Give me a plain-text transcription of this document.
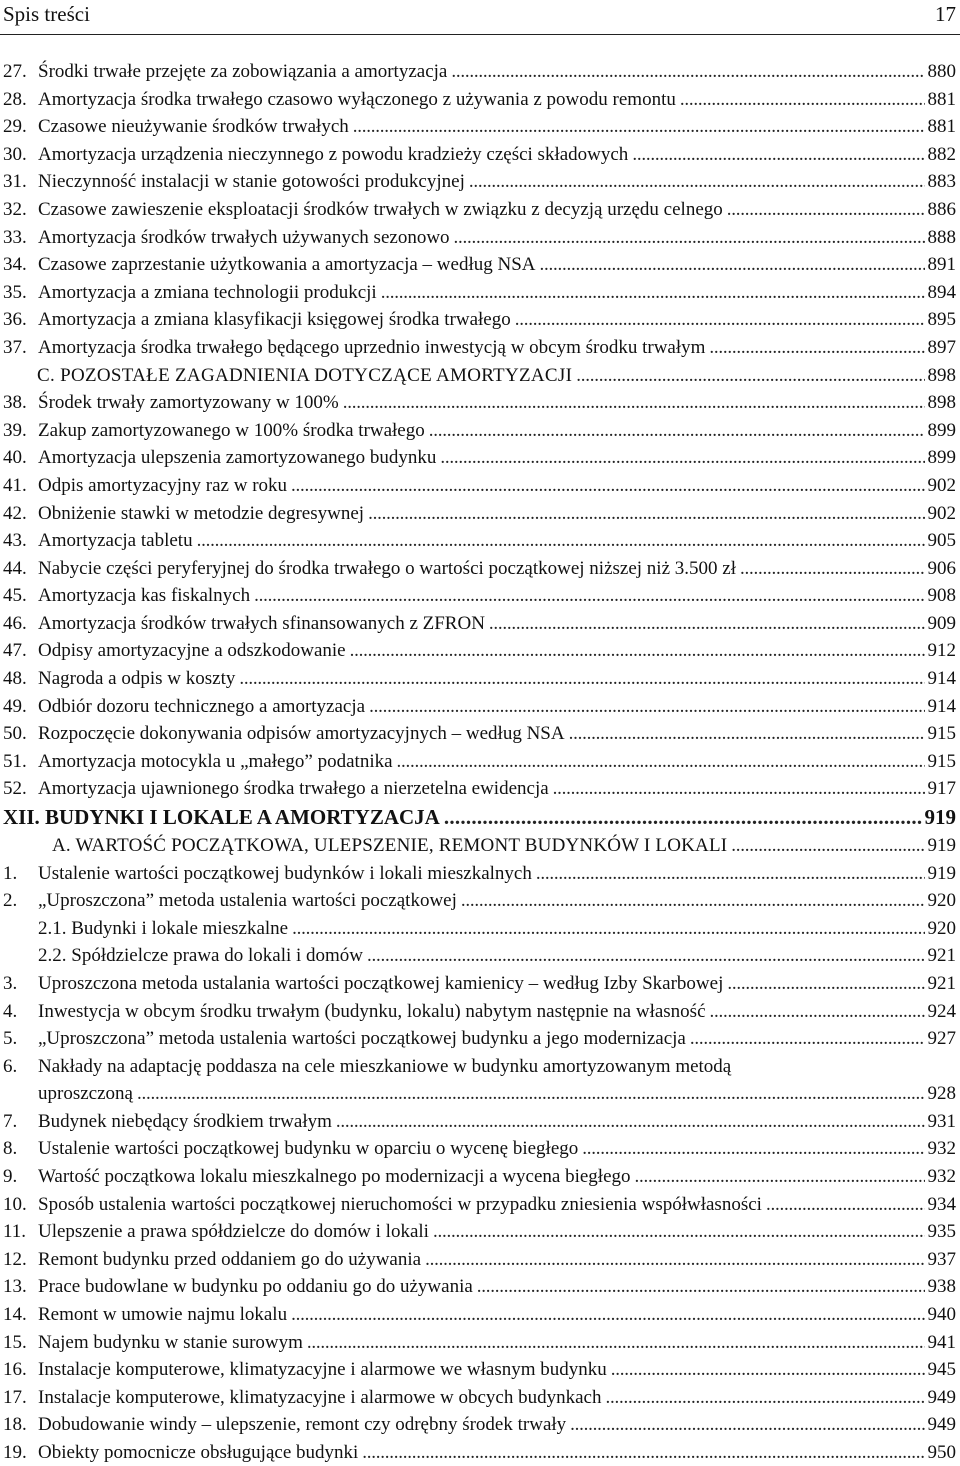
Spis treści	17
27. Środki trwałe przejęte za zobowiązania a amortyzacja . . .	880
28. Amortyzacja środka trwałego czasowo wyłączonego z używania z powodu remontu . . .	881
29. Czasowe nieużywanie środków trwałych . . .	881
30. Amortyzacja urządzenia nieczynnego z powodu kradzieży części składowych . . .	882
31. Nieczynność instalacji w stanie gotowości produkcyjnej . . .	883
32. Czasowe zawieszenie eksploatacji środków trwałych w związku z decyzją urzędu celnego . . .	886
33. Amortyzacja środków trwałych używanych sezonowo . . .	888
34. Czasowe zaprzestanie użytkowania a amortyzacja – według NSA . . .	891
35. Amortyzacja a zmiana technologii produkcji . . .	894
36. Amortyzacja a zmiana klasyfikacji księgowej środka trwałego . . .	895
37. Amortyzacja środka trwałego będącego uprzednio inwestycją w obcym środku trwałym . . .	897
C. POZOSTAŁE ZAGADNIENIA DOTYCZĄCE AMORTYZACJI . . .	898
38. Środek trwały zamortyzowany w 100% . . .	898
39. Zakup zamortyzowanego w 100% środka trwałego . . .	899
40. Amortyzacja ulepszenia zamortyzowanego budynku . . .	899
41. Odpis amortyzacyjny raz w roku . . .	902
42. Obniżenie stawki w metodzie degresywnej . . .	902
43. Amortyzacja tabletu . . .	905
44. Nabycie części peryferyjnej do środka trwałego o wartości początkowej niższej niż 3.500 zł . . .	906
45. Amortyzacja kas fiskalnych . . .	908
46. Amortyzacja środków trwałych sfinansowanych z ZFRON . . .	909
47. Odpisy amortyzacyjne a odszkodowanie . . .	912
48. Nagroda a odpis w koszty . . .	914
49. Odbiór dozoru technicznego a amortyzacja . . .	914
50. Rozpoczęcie dokonywania odpisów amortyzacyjnych – według NSA . . .	915
51. Amortyzacja motocykla u „małego” podatnika . . .	915
52. Amortyzacja ujawnionego środka trwałego a nierzetelna ewidencja . . .	917
XII. BUDYNKI I LOKALE A AMORTYZACJA . . .	919
A. WARTOŚĆ POCZĄTKOWA, ULEPSZENIE, REMONT BUDYNKÓW I LOKALI . . .	919
1. Ustalenie wartości początkowej budynków i lokali mieszkalnych . . .	919
2. „Uproszczona” metoda ustalenia wartości początkowej . . .	920
2.1. Budynki i lokale mieszkalne . . .	920
2.2. Spółdzielcze prawa do lokali i domów . . .	921
3. Uproszczona metoda ustalania wartości początkowej kamienicy – według Izby Skarbowej . . .	921
4. Inwestycja w obcym środku trwałym (budynku, lokalu) nabytym następnie na własność . . .	924
5. „Uproszczona” metoda ustalenia wartości początkowej budynku a jego modernizacja . . .	927
6. Nakłady na adaptację poddasza na cele mieszkaniowe w budynku amortyzowanym metodą
uproszczoną . . .	928
7. Budynek niebędący środkiem trwałym . . .	931
8. Ustalenie wartości początkowej budynku w oparciu o wycenę biegłego . . .	932
9. Wartość początkowa lokalu mieszkalnego po modernizacji a wycena biegłego . . .	932
10. Sposób ustalenia wartości początkowej nieruchomości w przypadku zniesienia współwłasności . . .	934
11. Ulepszenie a prawa spółdzielcze do domów i lokali . . .	935
12. Remont budynku przed oddaniem go do używania . . .	937
13. Prace budowlane w budynku po oddaniu go do używania . . .	938
14. Remont w umowie najmu lokalu . . .	940
15. Najem budynku w stanie surowym . . .	941
16. Instalacje komputerowe, klimatyzacyjne i alarmowe we własnym budynku . . .	945
17. Instalacje komputerowe, klimatyzacyjne i alarmowe w obcych budynkach . . .	949
18. Dobudowanie windy – ulepszenie, remont czy odrębny środek trwały . . .	949
19. Obiekty pomocnicze obsługujące budynki . . .	950
